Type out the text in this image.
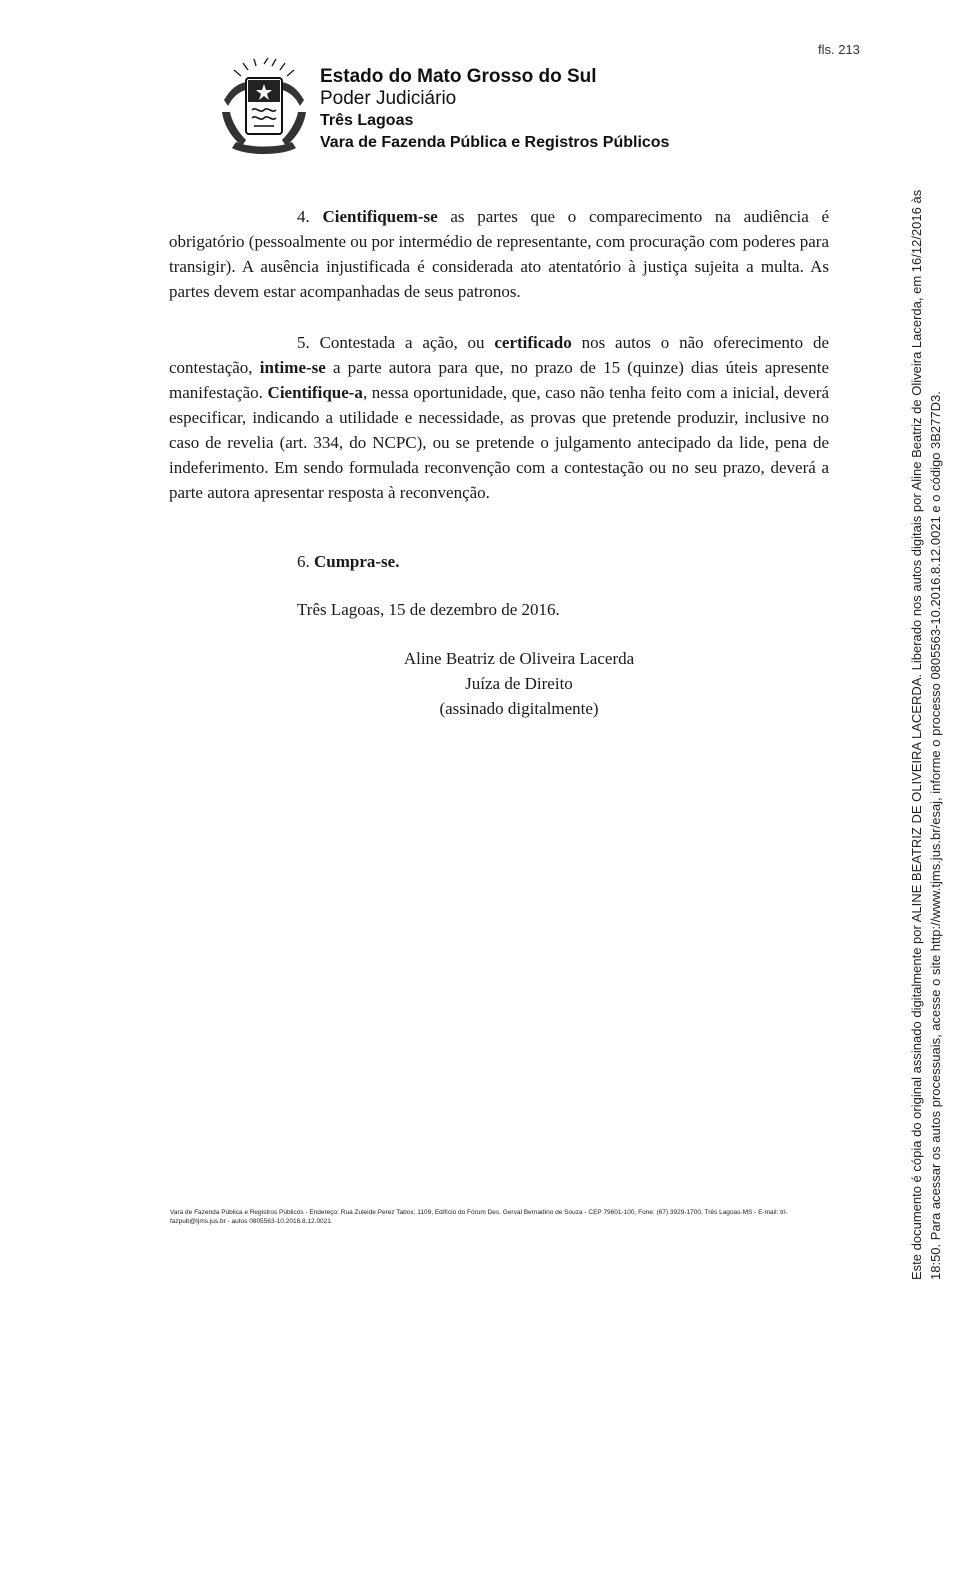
fls. 213
Estado do Mato Grosso do Sul
Poder Judiciário
Três Lagoas
Vara de Fazenda Pública e Registros Públicos

4. Cientifiquem-se as partes que o comparecimento na audiência é obrigatório (pessoalmente ou por intermédio de representante, com procuração com poderes para transigir). A ausência injustificada é considerada ato atentatório à justiça sujeita a multa. As partes devem estar acompanhadas de seus patronos.

5. Contestada a ação, ou certificado nos autos o não oferecimento de contestação, intime-se a parte autora para que, no prazo de 15 (quinze) dias úteis apresente manifestação. Cientifique-a, nessa oportunidade, que, caso não tenha feito com a inicial, deverá especificar, indicando a utilidade e necessidade, as provas que pretende produzir, inclusive no caso de revelia (art. 334, do NCPC), ou se pretende o julgamento antecipado da lide, pena de indeferimento. Em sendo formulada reconvenção com a contestação ou no seu prazo, deverá a parte autora apresentar resposta à reconvenção.

6. Cumpra-se.
Três Lagoas, 15 de dezembro de 2016.
Aline Beatriz de Oliveira Lacerda
Juíza de Direito
(assinado digitalmente)
Vara de Fazenda Pública e Registros Públicos - Endereço: Rua Zuleide Perez Tabox, 1109, Edifício do Fórum Des. Gerval Bernadino de Souza - CEP 79601-100, Fone: (67) 3929-1700, Três Lagoas-MS - E-mail: trl-fazpub@tjms.jus.br - autos 0805563-10.2016.8.12.0021.	Este documento é cópia do original assinado digitalmente por ALINE BEATRIZ DE OLIVEIRA LACERDA. Liberado nos autos digitais por Aline Beatriz de Oliveira Lacerda, em 16/12/2016 às 18:50. Para acessar os autos processuais, acesse o site http://www.tjms.jus.br/esaj, informe o processo 0805563-10.2016.8.12.0021 e o código 3B277D3.
